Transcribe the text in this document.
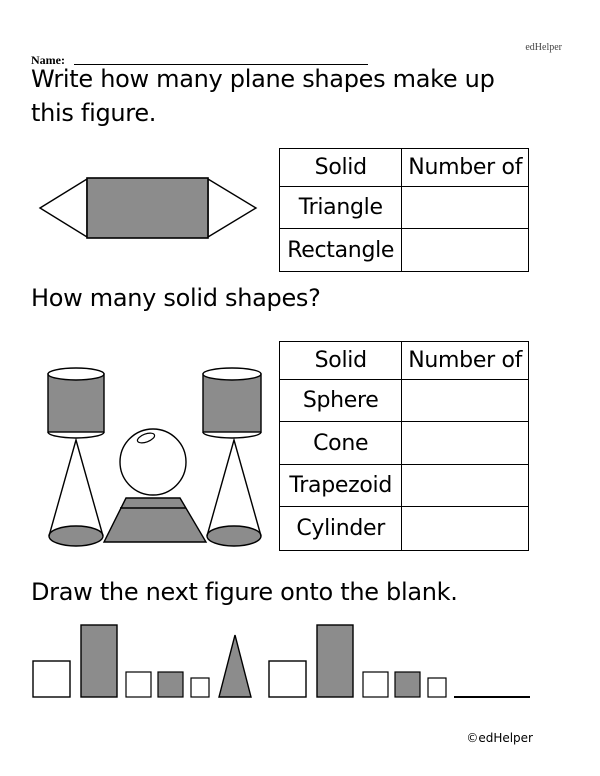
edHelper
Name:
Write how many plane shapes make up this figure.
Solid	Number of
Triangle	
Rectangle	
How many solid shapes?
Solid	Number of
Sphere	
Cone	
Trapezoid	
Cylinder	
Draw the next figure onto the blank.
©edHelper
